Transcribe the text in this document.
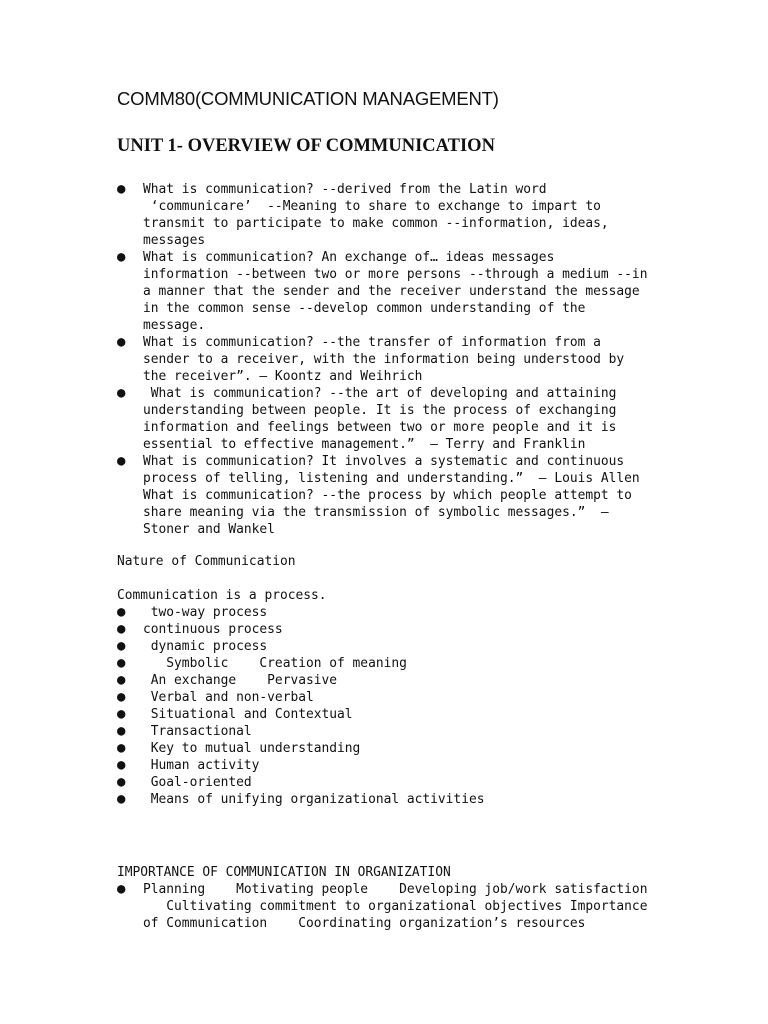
COMM80(COMMUNICATION MANAGEMENT)
UNIT 1- OVERVIEW OF COMMUNICATION
● What is communication? --derived from the Latin word
‘communicare’  --Meaning to share to exchange to impart to
transmit to participate to make common --information, ideas,
messages
● What is communication? An exchange of… ideas messages
information --between two or more persons --through a medium --in
a manner that the sender and the receiver understand the message
in the common sense --develop common understanding of the
message.
● What is communication? --the transfer of information from a
sender to a receiver, with the information being understood by
the receiver”. — Koontz and Weihrich
● What is communication? --the art of developing and attaining
understanding between people. It is the process of exchanging
information and feelings between two or more people and it is
essential to effective management.”  — Terry and Franklin
● What is communication? It involves a systematic and continuous
process of telling, listening and understanding.”  — Louis Allen
What is communication? --the process by which people attempt to
share meaning via the transmission of symbolic messages.”  —
Stoner and Wankel
Nature of Communication
Communication is a process.
● two-way process
● continuous process
● dynamic process
● Symbolic    Creation of meaning
● An exchange    Pervasive
● Verbal and non-verbal
● Situational and Contextual
● Transactional
● Key to mutual understanding
● Human activity
● Goal-oriented
● Means of unifying organizational activities
IMPORTANCE OF COMMUNICATION IN ORGANIZATION
● Planning    Motivating people    Developing job/work satisfaction
Cultivating commitment to organizational objectives Importance
of Communication    Coordinating organization’s resources
